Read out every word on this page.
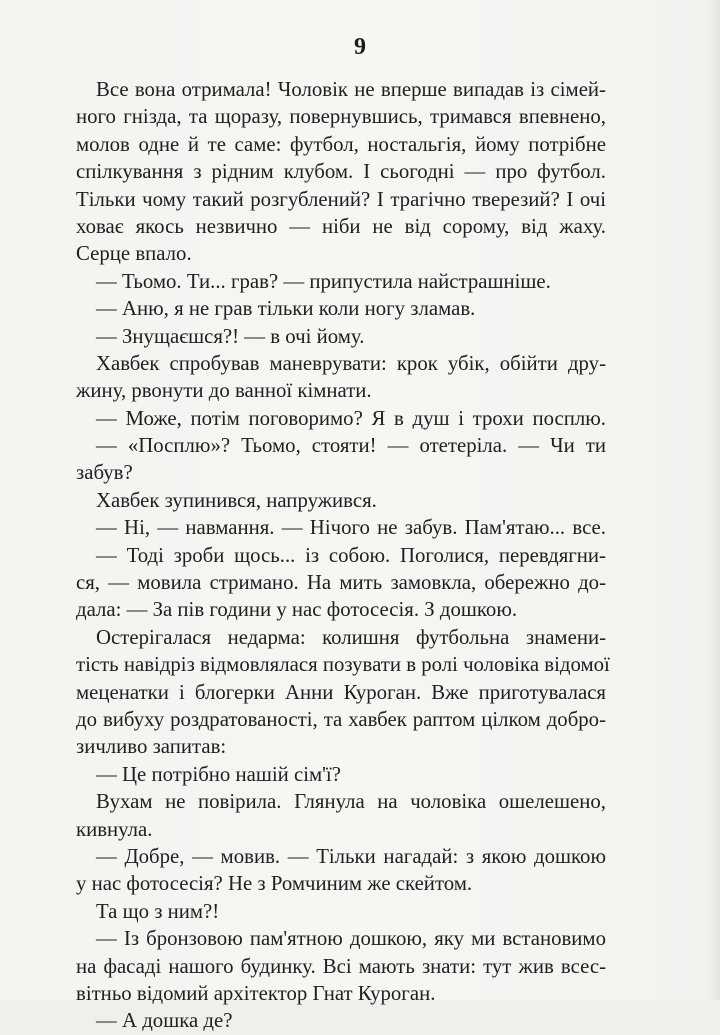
9
Все вона отримала! Чоловік не вперше випадав із сімей-
ного гнізда, та щоразу, повернувшись, тримався впевнено,
молов одне й те саме: футбол, ностальгія, йому потрібне
спілкування з рідним клубом. І сьогодні — про футбол.
Тільки чому такий розгублений? І трагічно тверезий? І очі
ховає якось незвично — ніби не від сорому, від жаху.
Серце впало.
— Тьомо. Ти... грав? — припустила найстрашніше.
— Аню, я не грав тільки коли ногу зламав.
— Знущаєшся?! — в очі йому.
Хавбек спробував маневрувати: крок убік, обійти дру-
жину, рвонути до ванної кімнати.
— Може, потім поговоримо? Я в душ і трохи посплю.
— «Посплю»? Тьомо, стояти! — отетеріла. — Чи ти
забув?
Хавбек зупинився, напружився.
— Ні, — навмання. — Нічого не забув. Пам'ятаю... все.
— Тоді зроби щось... із собою. Поголися, перевдягни-
ся, — мовила стримано. На мить замовкла, обережно до-
дала: — За пів години у нас фотосесія. З дошкою.
Остерігалася недарма: колишня футбольна знамени-
тість навідріз відмовлялася позувати в ролі чоловіка відомої
меценатки і блогерки Анни Куроган. Вже приготувалася
до вибуху роздратованості, та хавбек раптом цілком добро-
зичливо запитав:
— Це потрібно нашій сім'ї?
Вухам не повірила. Глянула на чоловіка ошелешено,
кивнула.
— Добре, — мовив. — Тільки нагадай: з якою дошкою
у нас фотосесія? Не з Ромчиним же скейтом.
Та що з ним?!
— Із бронзовою пам'ятною дошкою, яку ми встановимо
на фасаді нашого будинку. Всі мають знати: тут жив всес-
вітньо відомий архітектор Гнат Куроган.
— А дошка де?
